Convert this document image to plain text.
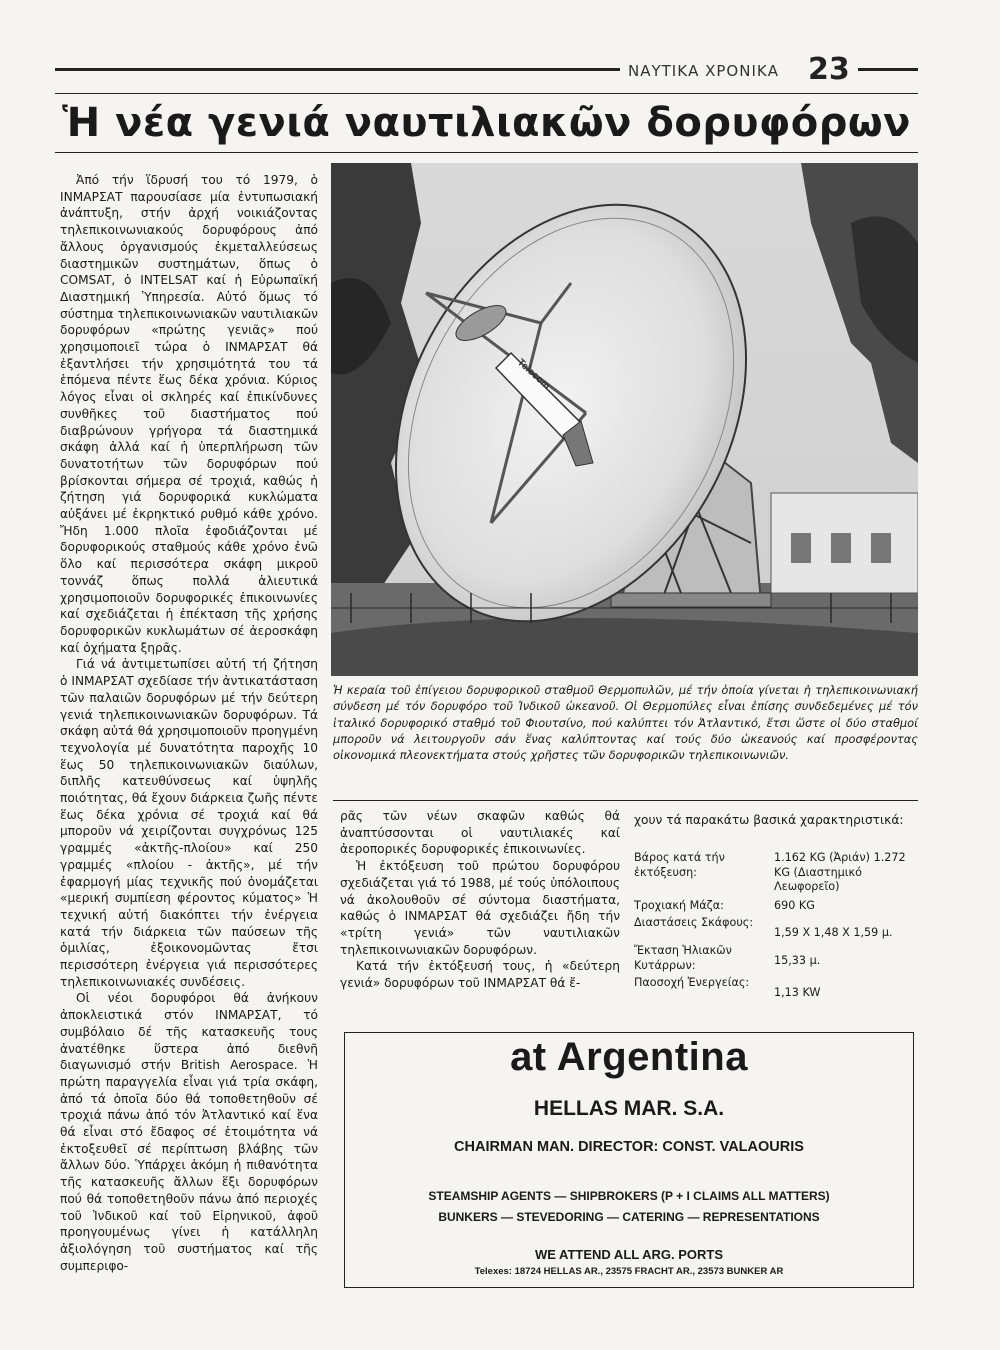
ΝΑΥΤΙΚΑ ΧΡΟΝΙΚΑ 23
Ἡ νέα γενιά ναυτιλιακῶν δορυφόρων

Ἀπό τήν ἵδρυσή του τό 1979, ὁ ΙΝΜΑΡΣΑΤ παρουσίασε μία ἐντυπωσιακή ἀνάπτυξη, στήν ἀρχή νοικιάζοντας τηλεπικοινωνιακούς δορυφόρους ἀπό ἄλλους ὀργανισμούς ἐκμεταλλεύσεως διαστημικῶν συστημάτων, ὅπως ὁ COMSAT, ὁ INTELSAT καί ἡ Εὐρωπαϊκή Διαστημική Ὑπηρεσία. Αὐτό ὅμως τό σύστημα τηλεπικοινωνιακῶν ναυτιλιακῶν δορυφόρων «πρώτης γενιᾶς» πού χρησιμοποιεῖ τώρα ὁ ΙΝΜΑΡΣΑΤ θά ἐξαντλήσει τήν χρησιμότητά του τά ἑπόμενα πέντε ἕως δέκα χρόνια. Κύριος λόγος εἶναι οἱ σκληρές καί ἐπικίνδυνες συνθῆκες τοῦ διαστήματος πού διαβρώνουν γρήγορα τά διαστημικά σκάφη ἀλλά καί ἡ ὑπερπλήρωση τῶν δυνατοτήτων τῶν δορυφόρων πού βρίσκονται σήμερα σέ τροχιά, καθώς ἡ ζήτηση γιά δορυφορικά κυκλώματα αὐξάνει μέ ἐκρηκτικό ρυθμό κάθε χρόνο. Ἤδη 1.000 πλοῖα ἐφοδιάζονται μέ δορυφορικούς σταθμούς κάθε χρόνο ἐνῶ ὅλο καί περισσότερα σκάφη μικροῦ τοννάζ ὅπως πολλά ἁλιευτικά χρησιμοποιοῦν δορυφορικές ἐπικοινωνίες καί σχεδιάζεται ἡ ἐπέκταση τῆς χρήσης δορυφορικῶν κυκλωμάτων σέ ἀεροσκάφη καί ὀχήματα ξηρᾶς.

Γιά νά ἀντιμετωπίσει αὐτή τή ζήτηση ὁ ΙΝΜΑΡΣΑΤ σχεδίασε τήν ἀντικατάσταση τῶν παλαιῶν δορυφόρων μέ τήν δεύτερη γενιά τηλεπικοινωνιακῶν δορυφόρων. Τά σκάφη αὐτά θά χρησιμοποιοῦν προηγμένη τεχνολογία μέ δυνατότητα παροχῆς 10 ἕως 50 τηλεπικοινωνιακῶν διαύλων, διπλῆς κατευθύνσεως καί ὑψηλῆς ποιότητας, θά ἔχουν διάρκεια ζωῆς πέντε ἕως δέκα χρόνια σέ τροχιά καί θά μποροῦν νά χειρίζονται συγχρόνως 125 γραμμές «ἀκτῆς-πλοίου» καί 250 γραμμές «πλοίου - ἀκτῆς», μέ τήν ἐφαρμογή μίας τεχνικῆς πού ὀνομάζεται «μερική συμπίεση φέροντος κύματος» Ἡ τεχνική αὐτή διακόπτει τήν ἐνέργεια κατά τήν διάρκεια τῶν παύσεων τῆς ὁμιλίας, ἐξοικονομῶντας ἔτσι περισσότερη ἐνέργεια γιά περισσότερες τηλεπικοινωνιακές συνδέσεις.

Οἱ νέοι δορυφόροι θά ἀνήκουν ἀποκλειστικά στόν ΙΝΜΑΡΣΑΤ, τό συμβόλαιο δέ τῆς κατασκευῆς τους ἀνατέθηκε ὕστερα ἀπό διεθνῆ διαγωνισμό στήν British Aerospace. Ἡ πρώτη παραγγελία εἶναι γιά τρία σκάφη, ἀπό τά ὁποῖα δύο θά τοποθετηθοῦν σέ τροχιά πάνω ἀπό τόν Ἀτλαντικό καί ἕνα θά εἶναι στό ἔδαφος σέ ἑτοιμότητα νά ἐκτοξευθεῖ σέ περίπτωση βλάβης τῶν ἄλλων δύο. Ὑπάρχει ἀκόμη ἡ πιθανότητα τῆς κατασκευῆς ἄλλων ἕξι δορυφόρων πού θά τοποθετηθοῦν πάνω ἀπό περιοχές τοῦ Ἰνδικοῦ καί τοῦ Εἰρηνικοῦ, ἀφοῦ προηγουμένως γίνει ἡ κατάλληλη ἀξιολόγηση τοῦ συστήματος καί τῆς συμπεριφο-

Telecom
Ἡ κεραία τοῦ ἐπίγειου δορυφορικοῦ σταθμοῦ Θερμοπυλῶν, μέ τήν ὁποία γίνεται ἡ τηλεπικοινωνιακή σύνδεση μέ τόν δορυφόρο τοῦ Ἰνδικοῦ ὠκεανοῦ. Οἱ Θερμοπύλες εἶναι ἐπίσης συνδεδεμένες μέ τόν ἰταλικό δορυφορικό σταθμό τοῦ Φιουτσίνο, πού καλύπτει τόν Ἀτλαντικό, ἔτσι ὥστε οἱ δύο σταθμοί μποροῦν νά λειτουργοῦν σάν ἕνας καλύπτοντας καί τούς δύο ὠκεανούς καί προσφέροντας οἰκονομικά πλεονεκτήματα στούς χρῆστες τῶν δορυφορικῶν τηλεπικοινωνιῶν.

ρᾶς τῶν νέων σκαφῶν καθώς θά ἀναπτύσσονται οἱ ναυτιλιακές καί ἀεροπορικές δορυφορικές ἐπικοινωνίες.

Ἡ ἐκτόξευση τοῦ πρώτου δορυφόρου σχεδιάζεται γιά τό 1988, μέ τούς ὑπόλοιπους νά ἀκολουθοῦν σέ σύντομα διαστήματα, καθώς ὁ ΙΝΜΑΡΣΑΤ θά σχεδιάζει ἤδη τήν «τρίτη γενιά» τῶν ναυτιλιακῶν τηλεπικοινωνιακῶν δορυφόρων.

Κατά τήν ἐκτόξευσή τους, ἡ «δεύτερη γενιά» δορυφόρων τοῦ ΙΝΜΑΡΣΑΤ θά ἔ-

χουν τά παρακάτω βασικά χαρακτηριστικά:
Βάρος κατά τήν ἐκτόξευση:
1.162 KG (Ἀριάν) 1.272 KG (Διαστημικό Λεωφορεῖο)
Τροχιακή Μάζα:	690 KG
Διαστάσεις Σκάφους:
1,59 X 1,48 X 1,59 μ.
Ἔκταση Ἡλιακῶν Κυτάρρων:	15,33 μ.
Παοσοχή Ἐνεργείας:
1,13 KW
at Argentina
HELLAS MAR. S.A.
CHAIRMAN MAN. DIRECTOR: CONST. VALAOURIS
STEAMSHIP AGENTS — SHIPBROKERS (P + I CLAIMS ALL MATTERS)
BUNKERS — STEVEDORING — CATERING — REPRESENTATIONS
WE ATTEND ALL ARG. PORTS
Telexes: 18724 HELLAS AR., 23575 FRACHT AR., 23573 BUNKER AR
